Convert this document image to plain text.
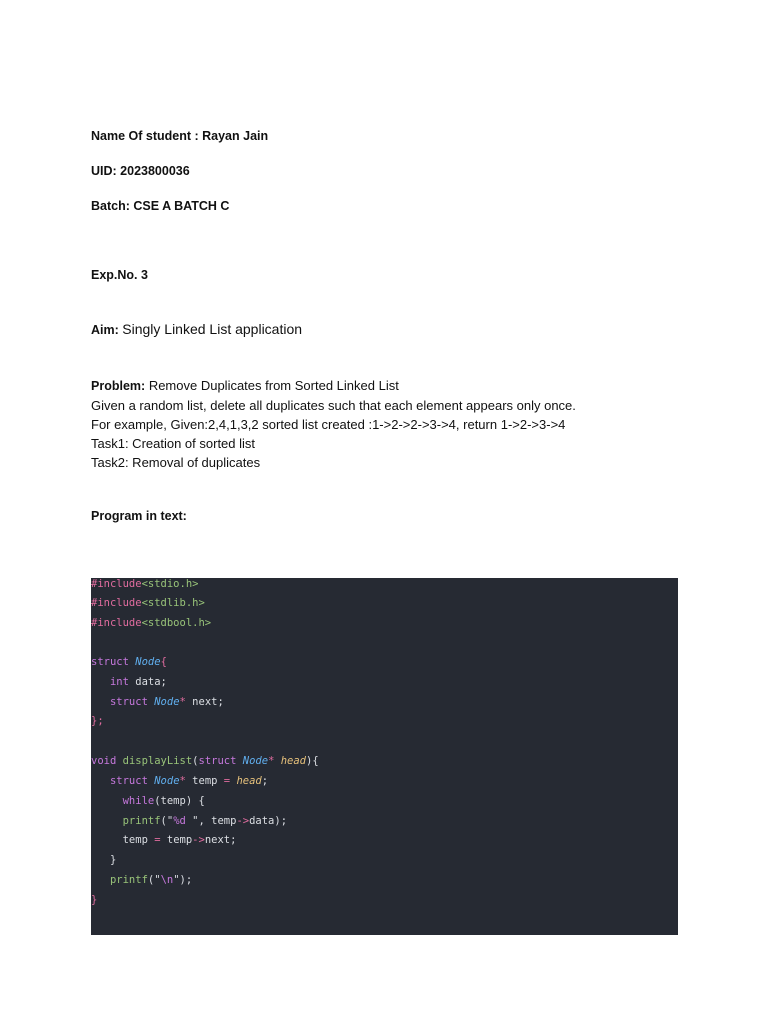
Name Of student : Rayan Jain
UID: 2023800036
Batch: CSE A BATCH C
Exp.No. 3
Aim: Singly Linked List application
Problem: Remove Duplicates from Sorted Linked List
Given a random list, delete all duplicates such that each element appears only once.
For example, Given:2,4,1,3,2 sorted list created :1->2->2->3->4, return 1->2->3->4
Task1: Creation of sorted list
Task2: Removal of duplicates
Program in text:
#include<stdio.h>
#include<stdlib.h>
#include<stdbool.h>
struct Node{
int data;
struct Node* next;
};
void displayList(struct Node* head){
struct Node* temp = head;
while(temp) {
printf("%d ", temp->data);
temp = temp->next;
}
printf("\n");
}
